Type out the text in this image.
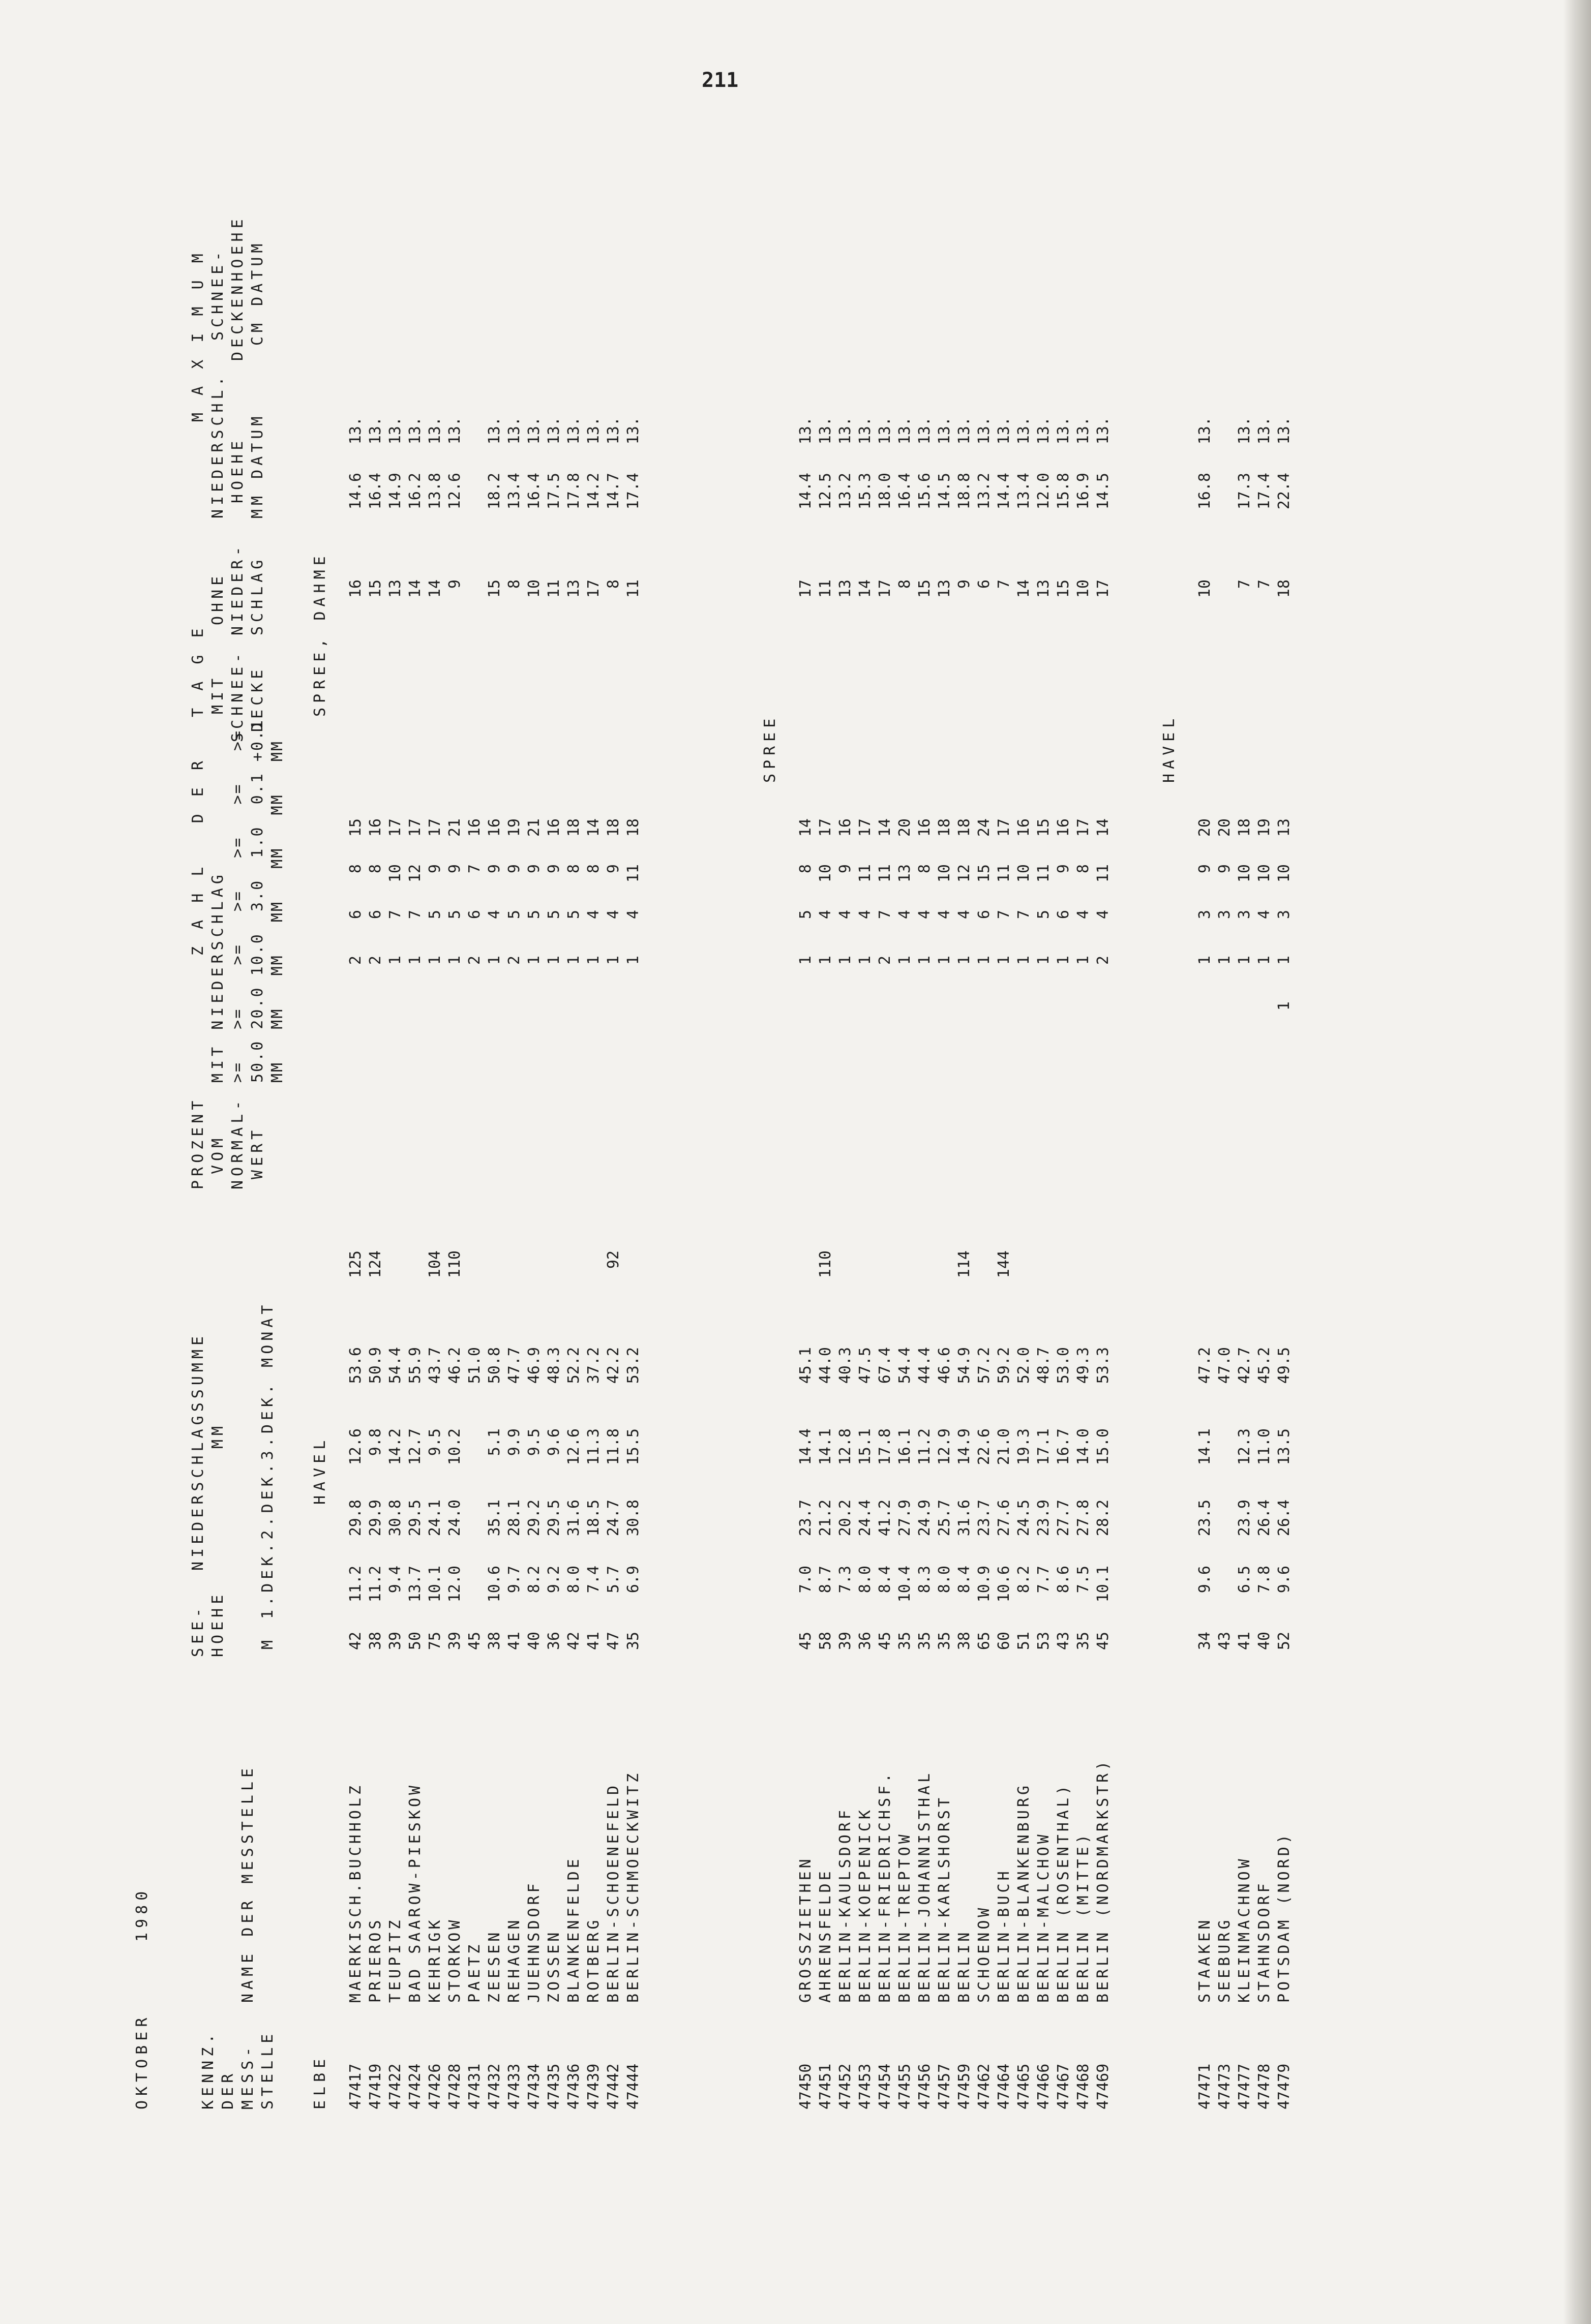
211

OKTOBER

1980

KENNZ.

DER

MESS-

STELLE

NAME DER MESSTELLE

SEE-

HOEHE

M

NIEDERSCHLAGSSUMME

MM

1.DEK.2.DEK.3.DEK. MONAT

PROZENT

VOM

NORMAL-

WERT

Z A H L   D E R   T A G E

MIT NIEDERSCHLAG

>=   >=    >=   >=   >=   >=   >=

50.0 20.0 10.0  3.0  1.0  0.1 +0.1

MM   MM   MM   MM   MM   MM   MM

MIT

SCHNEE-

DECKE

OHNE

NIEDER-

SCHLAG

M A X I M U M

NIEDERSCHL.

HOEHE

MM DATUM

SCHNEE-

DECKENHOEHE

CM DATUM

ELBE
HAVEL
SPREE, DAHME
47417
MAERKISCH.BUCHHOLZ
42
11.2
29.8
12.6
53.6
125
2
6
8
15
16
14.6
13.
47419
PRIEROS
38
11.2
29.9
9.8
50.9
124
2
6
8
16
15
16.4
13.
47422
TEUPITZ
39
9.4
30.8
14.2
54.4
1
7
10
17
13
14.9
13.
47424
BAD SAAROW-PIESKOW
50
13.7
29.5
12.7
55.9
1
7
12
17
14
16.2
13.
47426
KEHRIGK
75
10.1
24.1
9.5
43.7
104
1
5
9
17
14
13.8
13.
47428
STORKOW
39
12.0
24.0
10.2
46.2
110
1
5
9
21
9
12.6
13.
47431
PAETZ
45
51.0
2
6
7
16
47432
ZEESEN
38
10.6
35.1
5.1
50.8
1
4
9
16
15
18.2
13.
47433
REHAGEN
41
9.7
28.1
9.9
47.7
2
5
9
19
8
13.4
13.
47434
JUEHNSDORF
40
8.2
29.2
9.5
46.9
1
5
9
21
10
16.4
13.
47435
ZOSSEN
36
9.2
29.5
9.6
48.3
1
5
9
16
11
17.5
13.
47436
BLANKENFELDE
42
8.0
31.6
12.6
52.2
1
5
8
18
13
17.8
13.
47439
ROTBERG
41
7.4
18.5
11.3
37.2
1
4
8
14
17
14.2
13.
47442
BERLIN-SCHOENEFELD
47
5.7
24.7
11.8
42.2
92
1
4
9
18
8
14.7
13.
47444
BERLIN-SCHMOECKWITZ
35
6.9
30.8
15.5
53.2
1
4
11
18
11
17.4
13.
SPREE
47450
GROSSZIETHEN
45
7.0
23.7
14.4
45.1
1
5
8
14
17
14.4
13.
47451
AHRENSFELDE
58
8.7
21.2
14.1
44.0
110
1
4
10
17
11
12.5
13.
47452
BERLIN-KAULSDORF
39
7.3
20.2
12.8
40.3
1
4
9
16
13
13.2
13.
47453
BERLIN-KOEPENICK
36
8.0
24.4
15.1
47.5
1
4
11
17
14
15.3
13.
47454
BERLIN-FRIEDRICHSF.
45
8.4
41.2
17.8
67.4
2
7
11
14
17
18.0
13.
47455
BERLIN-TREPTOW
35
10.4
27.9
16.1
54.4
1
4
13
20
8
16.4
13.
47456
BERLIN-JOHANNISTHAL
35
8.3
24.9
11.2
44.4
1
4
8
16
15
15.6
13.
47457
BERLIN-KARLSHORST
35
8.0
25.7
12.9
46.6
1
4
10
18
13
14.5
13.
47459
BERLIN
38
8.4
31.6
14.9
54.9
114
1
4
12
18
9
18.8
13.
47462
SCHOENOW
65
10.9
23.7
22.6
57.2
1
6
15
24
6
13.2
13.
47464
BERLIN-BUCH
60
10.6
27.6
21.0
59.2
144
1
7
11
17
7
14.4
13.
47465
BERLIN-BLANKENBURG
51
8.2
24.5
19.3
52.0
1
7
10
16
14
13.4
13.
47466
BERLIN-MALCHOW
53
7.7
23.9
17.1
48.7
1
5
11
15
13
12.0
13.
47467
BERLIN (ROSENTHAL)
43
8.6
27.7
16.7
53.0
1
6
9
16
15
15.8
13.
47468
BERLIN (MITTE)
35
7.5
27.8
14.0
49.3
1
4
8
17
10
16.9
13.
47469
BERLIN (NORDMARKSTR)
45
10.1
28.2
15.0
53.3
2
4
11
14
17
14.5
13.
HAVEL
47471
STAAKEN
34
9.6
23.5
14.1
47.2
1
3
9
20
10
16.8
13.
47473
SEEBURG
43
47.0
1
3
9
20
47477
KLEINMACHNOW
41
6.5
23.9
12.3
42.7
1
3
10
18
7
17.3
13.
47478
STAHNSDORF
40
7.8
26.4
11.0
45.2
1
4
10
19
7
17.4
13.
47479
POTSDAM (NORD)
52
9.6
26.4
13.5
49.5
1
1
3
10
13
18
22.4
13.
